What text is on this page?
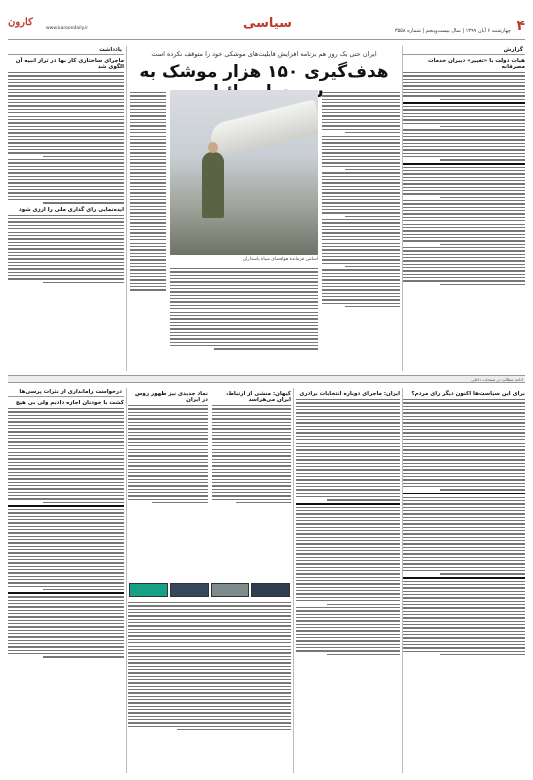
۴
چهارشنبه ۶ آبان ۱۳۹۹ | سال بیست‌وپنجم | شماره ۳۵۵۸
سیاسی
کارون
www.karoondaily.ir
گزارش
هیات دولت با «تغییر» دبیران خدمات مصرفانه
ایران حتی یک روز هم برنامه افزایش قابلیت‌های موشکی خود را متوقف نکرده است
هدف‌گیری ۱۵۰ هزار موشک به
اسامی فرمانده هوافضای سپاه پاسداران
یادداشت
ماجرای ساختاری کار بها در تراز انبیه آن الگوی شد
ایده‌نمایی رای گذاری ملی را ارزی شود
ادامه مطالب در صفحات داخلی
برای این سیاست‌ها اکنون دیگر رای مردم؟
ایران: ماجرای دوباره انتخابات برادری
کیهان: منشی از ارتباط، ایران می‌هراسد
نماد جدیدی نیز ظهور روس در ایران
درخواست رامانداری از نثرات پرسی‌ها
کشت با خودتان اجازه دادیم ولی بی هیچ
